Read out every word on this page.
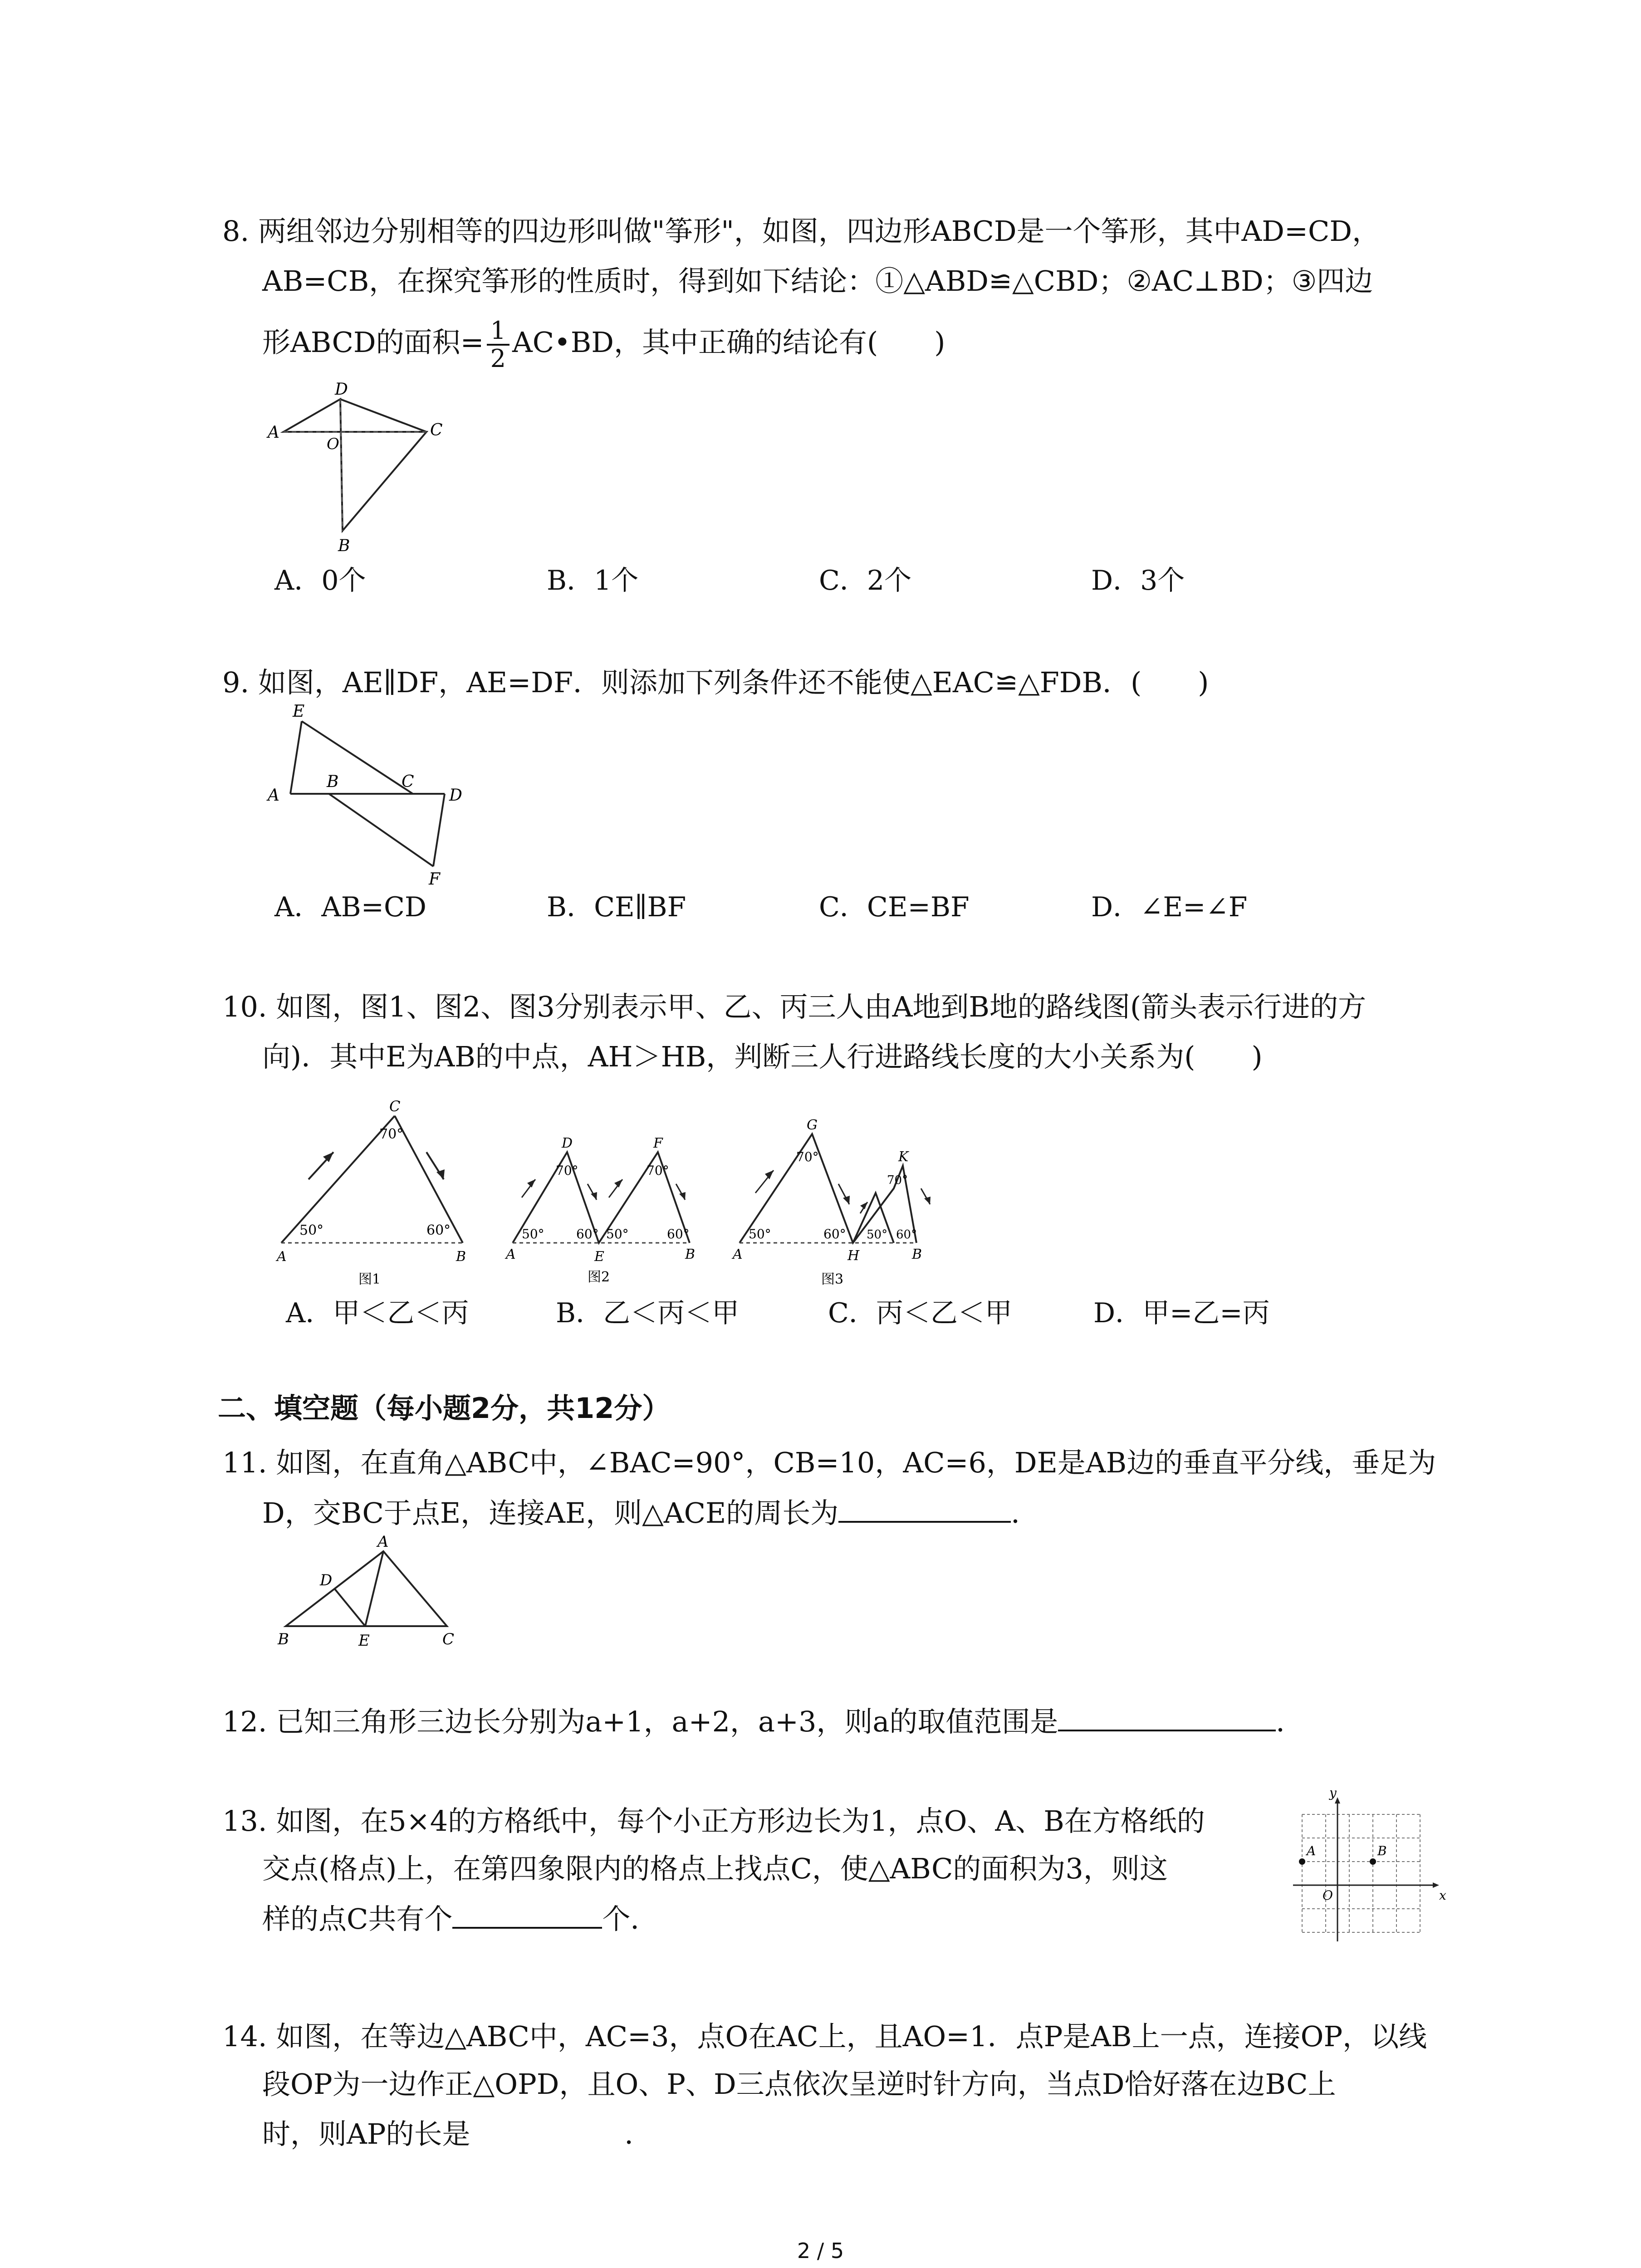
8. 两组邻边分别相等的四边形叫做"筝形"，如图，四边形ABCD是一个筝形，其中AD=CD，
AB=CB，在探究筝形的性质时，得到如下结论：①△ABD≌△CBD；②AC⊥BD；③四边
形ABCD的面积= $\frac{1}{2}$ AC•BD，其中正确的结论有(　　)
D
A
O
C
B
A．0个	B．1个	C．2个	D．3个
9. 如图，AE∥DF，AE=DF．则添加下列条件还不能使△EAC≌△FDB．(　　)
E
A
B	C
D
F
A．AB=CD	B．CE∥BF	C．CE=BF	D．∠E=∠F
10. 如图，图1、图2、图3分别表示甲、乙、丙三人由A地到B地的路线图(箭头表示行进的方
向)．其中E为AB的中点，AH＞HB，判断三人行进路线长度的大小关系为(　　)
C
70°
50°	60°
A	B
图1
D	F
70°	70°
50°	60° 50°	60°
A	E	B
图2
G
K
70°
70°
50°	60° 50° 60°
A	H	B
图3
A．甲＜乙＜丙	B．乙＜丙＜甲	C．丙＜乙＜甲	D．甲=乙=丙
二、填空题（每小题2分，共12分）
11. 如图，在直角△ABC中，∠BAC=90°，CB=10，AC=6，DE是AB边的垂直平分线，垂足为
D，交BC于点E，连接AE，则△ACE的周长为	．
A
D
B	E	C
12. 已知三角形三边长分别为a+1，a+2，a+3，则a的取值范围是	．
13. 如图，在5×4的方格纸中，每个小正方形边长为1，点O、A、B在方格纸的
交点(格点)上，在第四象限内的格点上找点C，使△ABC的面积为3，则这
样的点C共有个	个．
y
A	B
O	x
14. 如图，在等边△ABC中，AC=3，点O在AC上，且AO=1．点P是AB上一点，连接OP，以线
段OP为一边作正△OPD，且O、P、D三点依次呈逆时针方向，当点D恰好落在边BC上
时，则AP的长是	．
2 / 5
